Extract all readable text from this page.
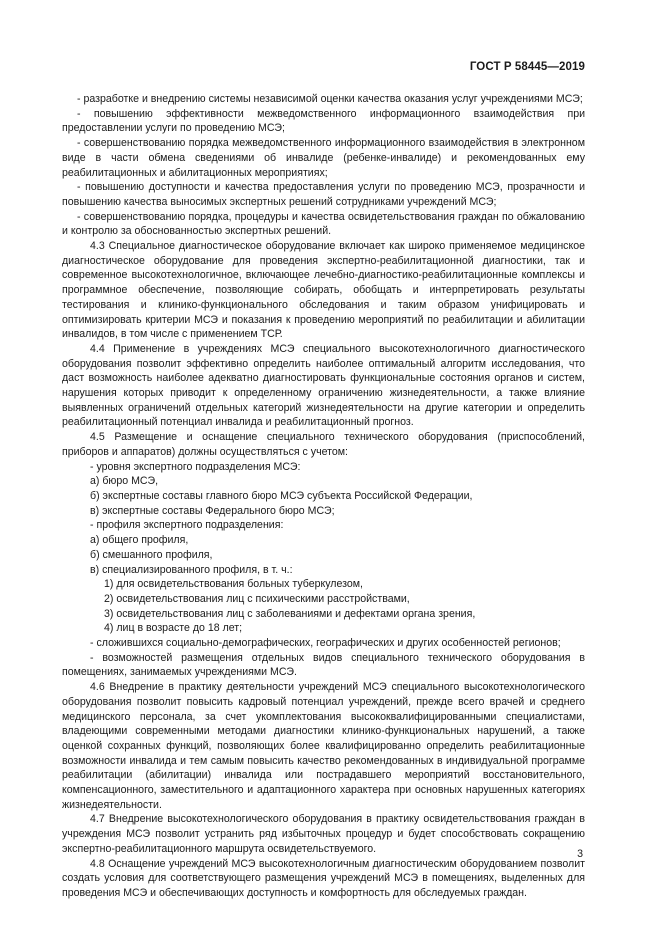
ГОСТ Р 58445—2019

- разработке и внедрению системы независимой оценки качества оказания услуг учреждениями МСЭ;

- повышению эффективности межведомственного информационного взаимодействия при предоставлении услуги по проведению МСЭ;

- совершенствованию порядка межведомственного информационного взаимодействия в электронном виде в части обмена сведениями об инвалиде (ребенке-инвалиде) и рекомендованных ему реабилитационных и абилитационных мероприятиях;

- повышению доступности и качества предоставления услуги по проведению МСЭ, прозрачности и повышению качества выносимых экспертных решений сотрудниками учреждений МСЭ;

- совершенствованию порядка, процедуры и качества освидетельствования граждан по обжалованию и контролю за обоснованностью экспертных решений.

4.3 Специальное диагностическое оборудование включает как широко применяемое медицинское диагностическое оборудование для проведения экспертно-реабилитационной диагностики, так и современное высокотехнологичное, включающее лечебно-диагностико-реабилитационные комплексы и программное обеспечение, позволяющие собирать, обобщать и интерпретировать результаты тестирования и клинико-функционального обследования и таким образом унифицировать и оптимизировать критерии МСЭ и показания к проведению мероприятий по реабилитации и абилитации инвалидов, в том числе с применением ТСР.

4.4 Применение в учреждениях МСЭ специального высокотехнологичного диагностического оборудования позволит эффективно определить наиболее оптимальный алгоритм исследования, что даст возможность наиболее адекватно диагностировать функциональные состояния органов и систем, нарушения которых приводит к определенному ограничению жизнедеятельности, а также влияние выявленных ограничений отдельных категорий жизнедеятельности на другие категории и определить реабилитационный потенциал инвалида и реабилитационный прогноз.

4.5 Размещение и оснащение специального технического оборудования (приспособлений, приборов и аппаратов) должны осуществляться с учетом:

- уровня экспертного подразделения МСЭ:

а) бюро МСЭ,

б) экспертные составы главного бюро МСЭ субъекта Российской Федерации,

в) экспертные составы Федерального бюро МСЭ;

- профиля экспертного подразделения:

а) общего профиля,

б) смешанного профиля,

в) специализированного профиля, в т. ч.:

1) для освидетельствования больных туберкулезом,

2) освидетельствования лиц с психическими расстройствами,

3) освидетельствования лиц с заболеваниями и дефектами органа зрения,

4) лиц в возрасте до 18 лет;

- сложившихся социально-демографических, географических и других особенностей регионов;

- возможностей размещения отдельных видов специального технического оборудования в помещениях, занимаемых учреждениями МСЭ.

4.6 Внедрение в практику деятельности учреждений МСЭ специального высокотехнологического оборудования позволит повысить кадровый потенциал учреждений, прежде всего врачей и среднего медицинского персонала, за счет укомплектования высококвалифицированными специалистами, владеющими современными методами диагностики клинико-функциональных нарушений, а также оценкой сохранных функций, позволяющих более квалифицированно определить реабилитационные возможности инвалида и тем самым повысить качество рекомендованных в индивидуальной программе реабилитации (абилитации) инвалида или пострадавшего мероприятий восстановительного, компенсационного, заместительного и адаптационного характера при основных нарушенных категориях жизнедеятельности.

4.7 Внедрение высокотехнологического оборудования в практику освидетельствования граждан в учреждения МСЭ позволит устранить ряд избыточных процедур и будет способствовать сокращению экспертно-реабилитационного маршрута освидетельствуемого.

4.8 Оснащение учреждений МСЭ высокотехнологичным диагностическим оборудованием позволит создать условия для соответствующего размещения учреждений МСЭ в помещениях, выделенных для проведения МСЭ и обеспечивающих доступность и комфортность для обследуемых граждан.

3
